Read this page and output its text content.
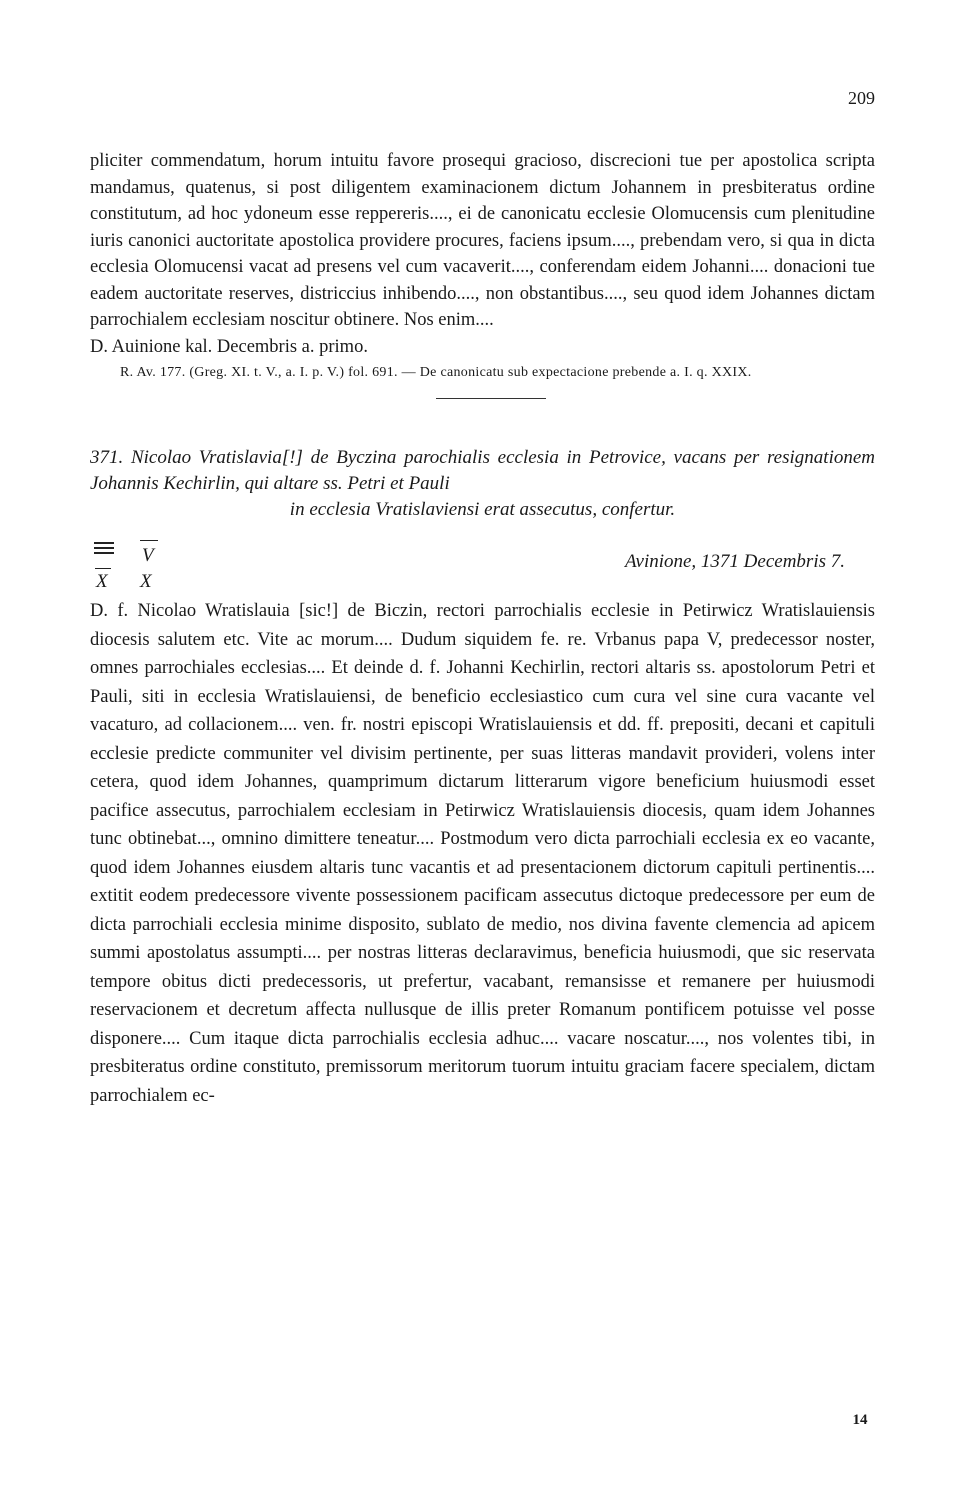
209

pliciter commendatum, horum intuitu favore prosequi gracioso, discrecioni tue per apostolica scripta mandamus, quatenus, si post diligentem examinacionem dictum Johannem in presbiteratus ordine constitutum, ad hoc ydoneum esse reppereris...., ei de canonicatu ecclesie Olomucensis cum plenitudine iuris canonici auctoritate apostolica providere procures, faciens ipsum...., prebendam vero, si qua in dicta ecclesia Olomucensi vacat ad presens vel cum vacaverit...., conferendam eidem Johanni.... donacioni tue eadem auctoritate reserves, districcius inhibendo...., non obstantibus...., seu quod idem Johannes dictam parrochialem ecclesiam noscitur obtinere. Nos enim....

D. Auinione kal. Decembris a. primo.

R. Av. 177. (Greg. XI. t. V., a. I. p. V.) fol. 691. — De canonicatu sub expectacione prebende a. I. q. XXIX.
371. Nicolao Vratislavia[!] de Byczina parochialis ecclesia in Petrovice, vacans per resignationem Johannis Kechirlin, qui altare ss. Petri et Pauli
in ecclesia Vratislaviensi erat assecutus, confertur.
V
X X
Avinione, 1371 Decembris 7.

D. f. Nicolao Wratislauia [sic!] de Biczin, rectori parrochialis ecclesie in Petirwicz Wratislauiensis diocesis salutem etc. Vite ac morum.... Dudum siquidem fe. re. Vrbanus papa V, predecessor noster, omnes parrochiales ecclesias.... Et deinde d. f. Johanni Kechirlin, rectori altaris ss. apostolorum Petri et Pauli, siti in ecclesia Wratislauiensi, de beneficio ecclesiastico cum cura vel sine cura vacante vel vacaturo, ad collacionem.... ven. fr. nostri episcopi Wratislauiensis et dd. ff. prepositi, decani et capituli ecclesie predicte communiter vel divisim pertinente, per suas litteras mandavit provideri, volens inter cetera, quod idem Johannes, quamprimum dictarum litterarum vigore beneficium huiusmodi esset pacifice assecutus, parrochialem ecclesiam in Petirwicz Wratislauiensis diocesis, quam idem Johannes tunc obtinebat..., omnino dimittere teneatur.... Postmodum vero dicta parrochiali ecclesia ex eo vacante, quod idem Johannes eiusdem altaris tunc vacantis et ad presentacionem dictorum capituli pertinentis.... extitit eodem predecessore vivente possessionem pacificam assecutus dictoque predecessore per eum de dicta parrochiali ecclesia minime disposito, sublato de medio, nos divina favente clemencia ad apicem summi apostolatus assumpti.... per nostras litteras declaravimus, beneficia huiusmodi, que sic reservata tempore obitus dicti predecessoris, ut prefertur, vacabant, remansisse et remanere per huiusmodi reservacionem et decretum affecta nullusque de illis preter Romanum pontificem potuisse vel posse disponere.... Cum itaque dicta parrochialis ecclesia adhuc.... vacare noscatur...., nos volentes tibi, in presbiteratus ordine constituto, premissorum meritorum tuorum intuitu graciam facere specialem, dictam parrochialem ec-

14
